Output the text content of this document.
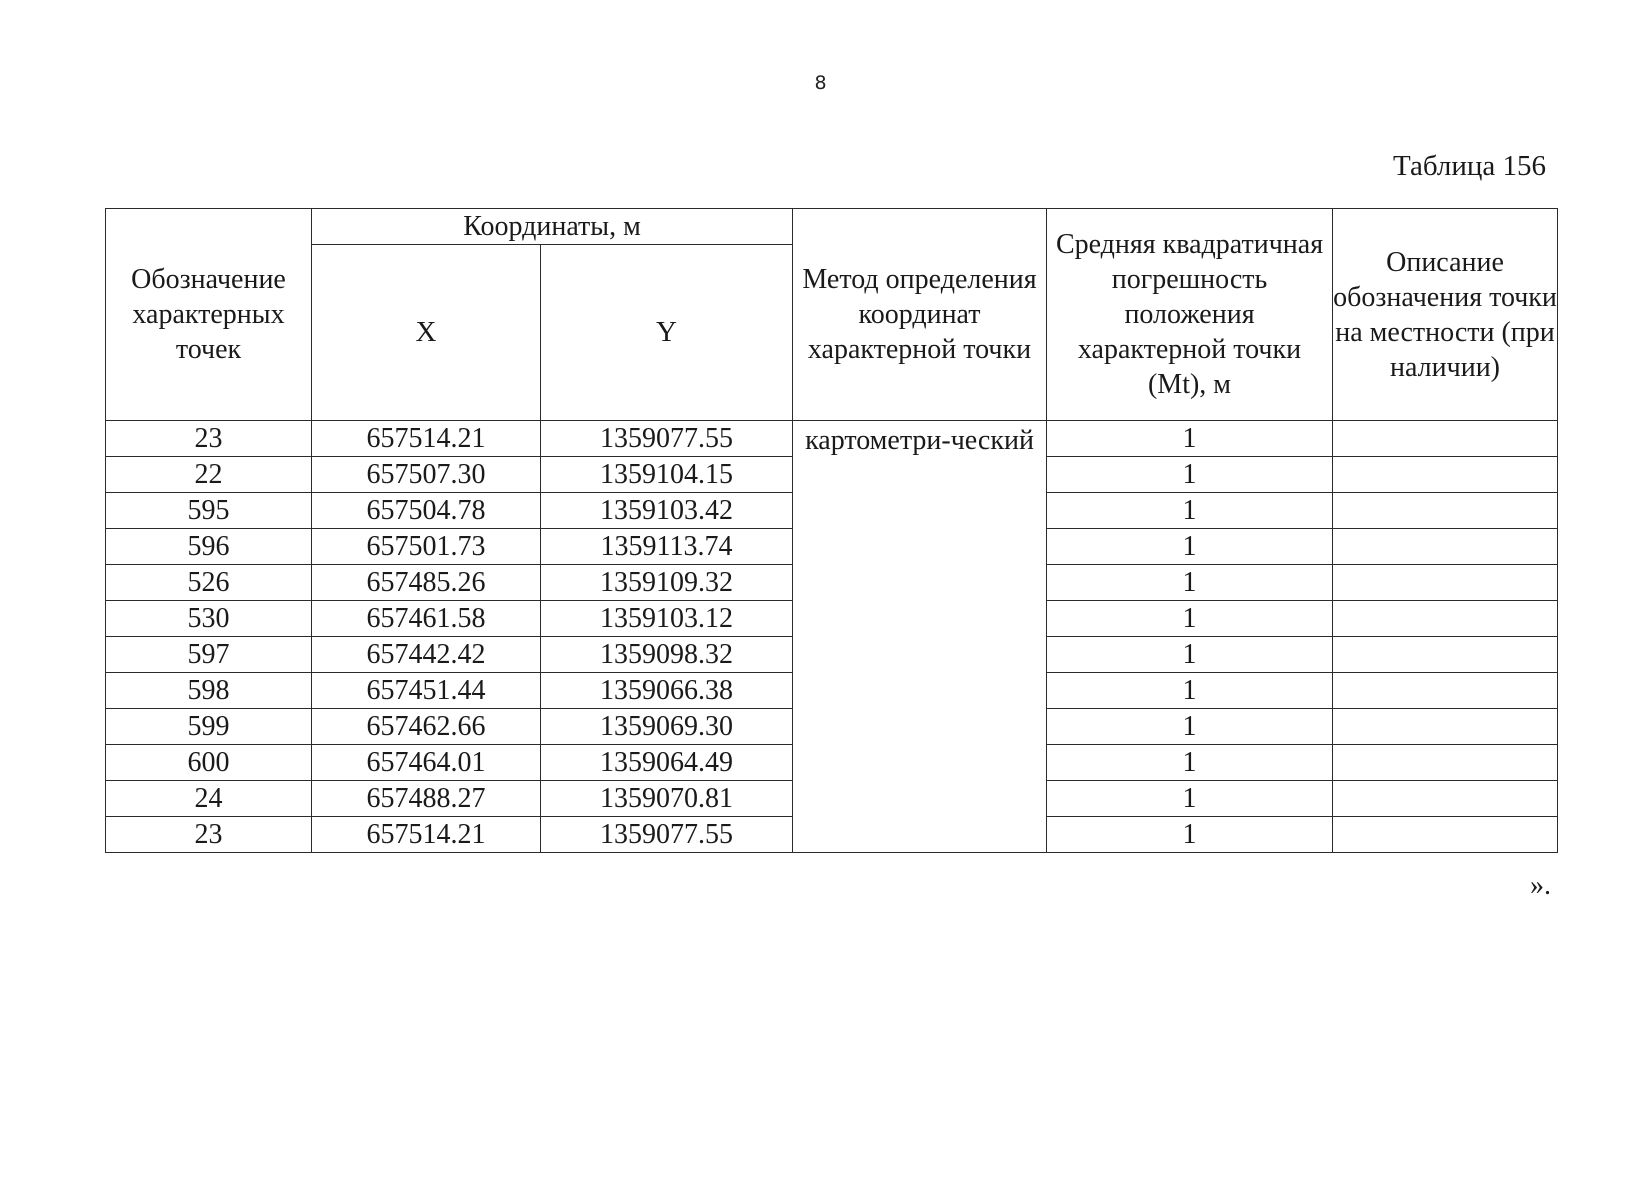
8
Таблица 156
Обозначение характерных точек	Координаты, м		Метод определения координат характерной точки	Средняя квадратичная погрешность положения характерной точки (Mt), м	Описание обозначения точки на местности (при наличии)
	X	Y			
23	657514.21	1359077.55	картометри-ческий	1	
22	657507.30	1359104.15		1	
595	657504.78	1359103.42		1	
596	657501.73	1359113.74		1	
526	657485.26	1359109.32		1	
530	657461.58	1359103.12		1	
597	657442.42	1359098.32		1	
598	657451.44	1359066.38		1	
599	657462.66	1359069.30		1	
600	657464.01	1359064.49		1	
24	657488.27	1359070.81		1	
23	657514.21	1359077.55		1	
».
